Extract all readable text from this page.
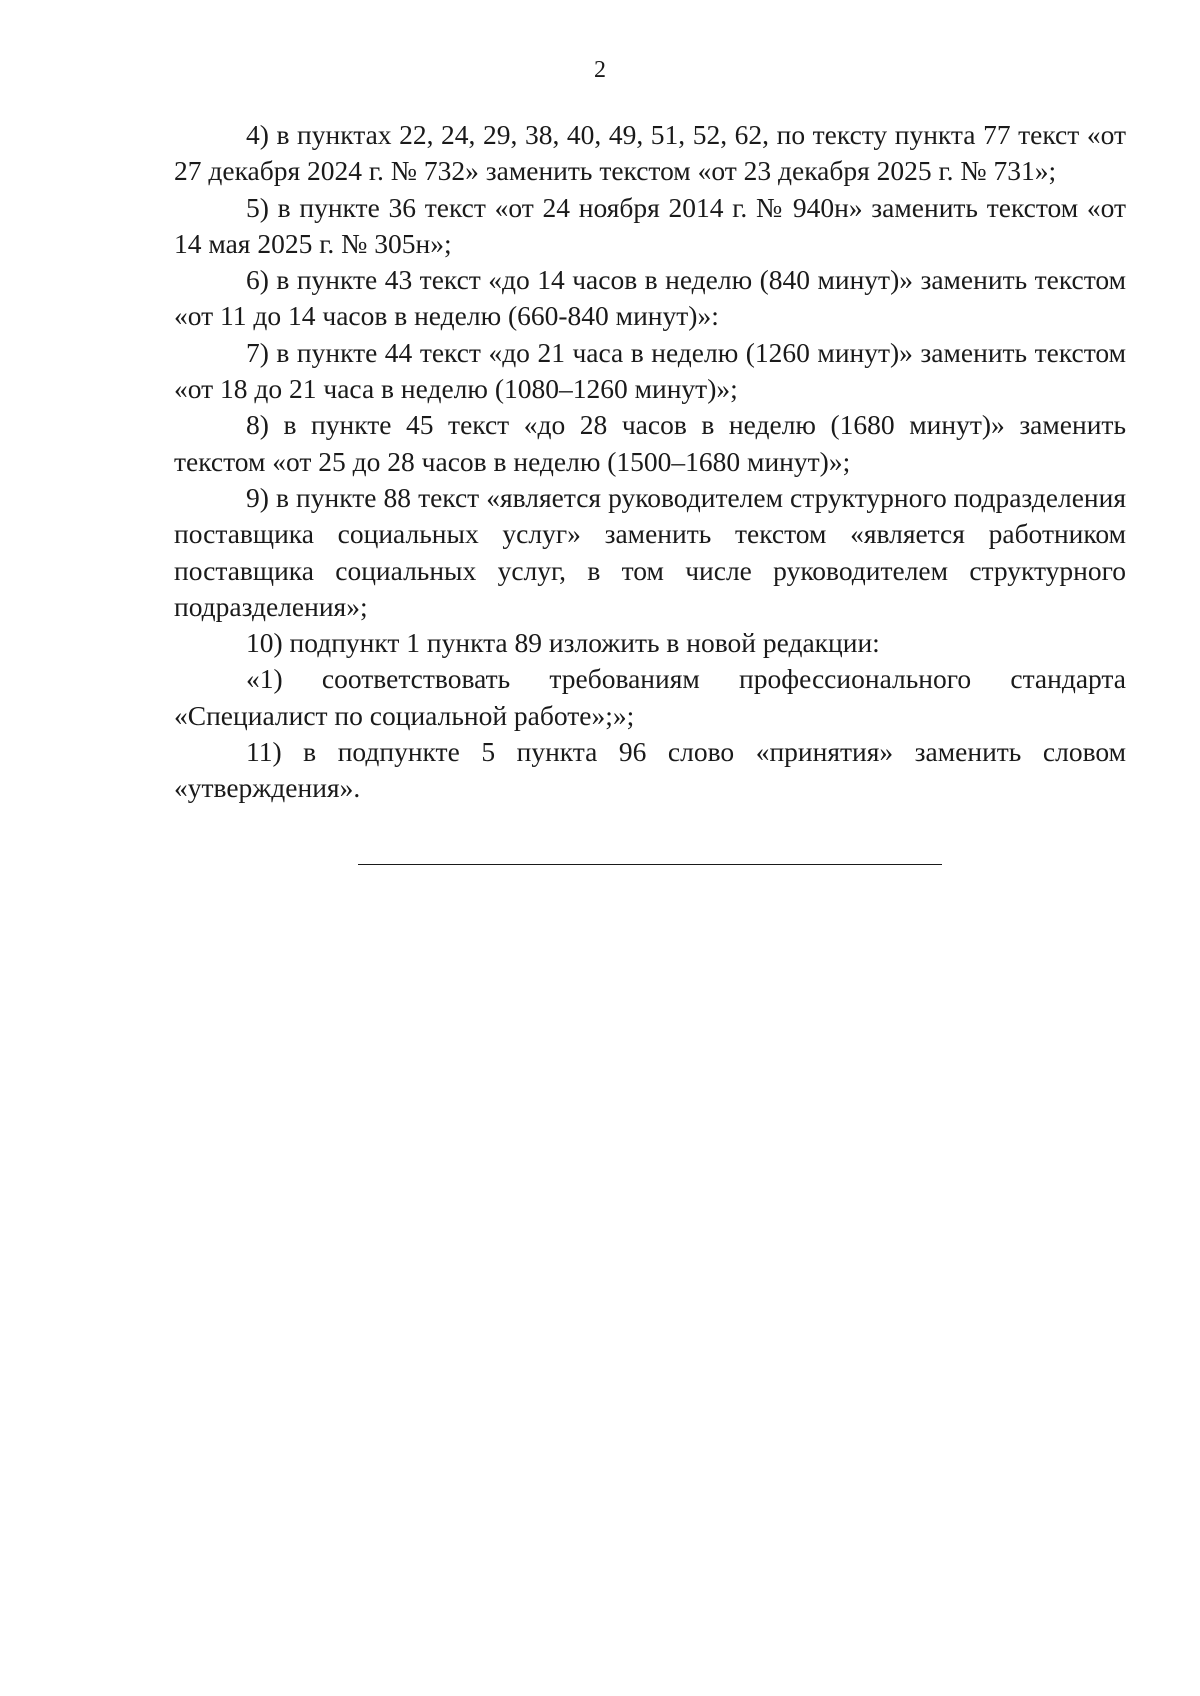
2

4) в пунктах 22, 24, 29, 38, 40, 49, 51, 52, 62, по тексту пункта 77 текст «от 27 декабря 2024 г. № 732» заменить текстом «от 23 декабря 2025 г. № 731»;

5) в пункте 36 текст «от 24 ноября 2014 г. № 940н» заменить текстом «от 14 мая 2025 г. № 305н»;

6) в пункте 43 текст «до 14 часов в неделю (840 минут)» заменить текстом «от 11 до 14 часов в неделю (660-840 минут)»:

7) в пункте 44 текст «до 21 часа в неделю (1260 минут)» заменить текстом «от 18 до 21 часа в неделю (1080–1260 минут)»;

8) в пункте 45 текст «до 28 часов в неделю (1680 минут)» заменить текстом «от 25 до 28 часов в неделю (1500–1680 минут)»;

9) в пункте 88 текст «является руководителем структурного подразделения поставщика социальных услуг» заменить текстом «является работником поставщика социальных услуг, в том числе руководителем структурного подразделения»;

10) подпункт 1 пункта 89 изложить в новой редакции:

«1) соответствовать требованиям профессионального стандарта «Специалист по социальной работе»;»;

11) в подпункте 5 пункта 96 слово «принятия» заменить словом «утверждения».
